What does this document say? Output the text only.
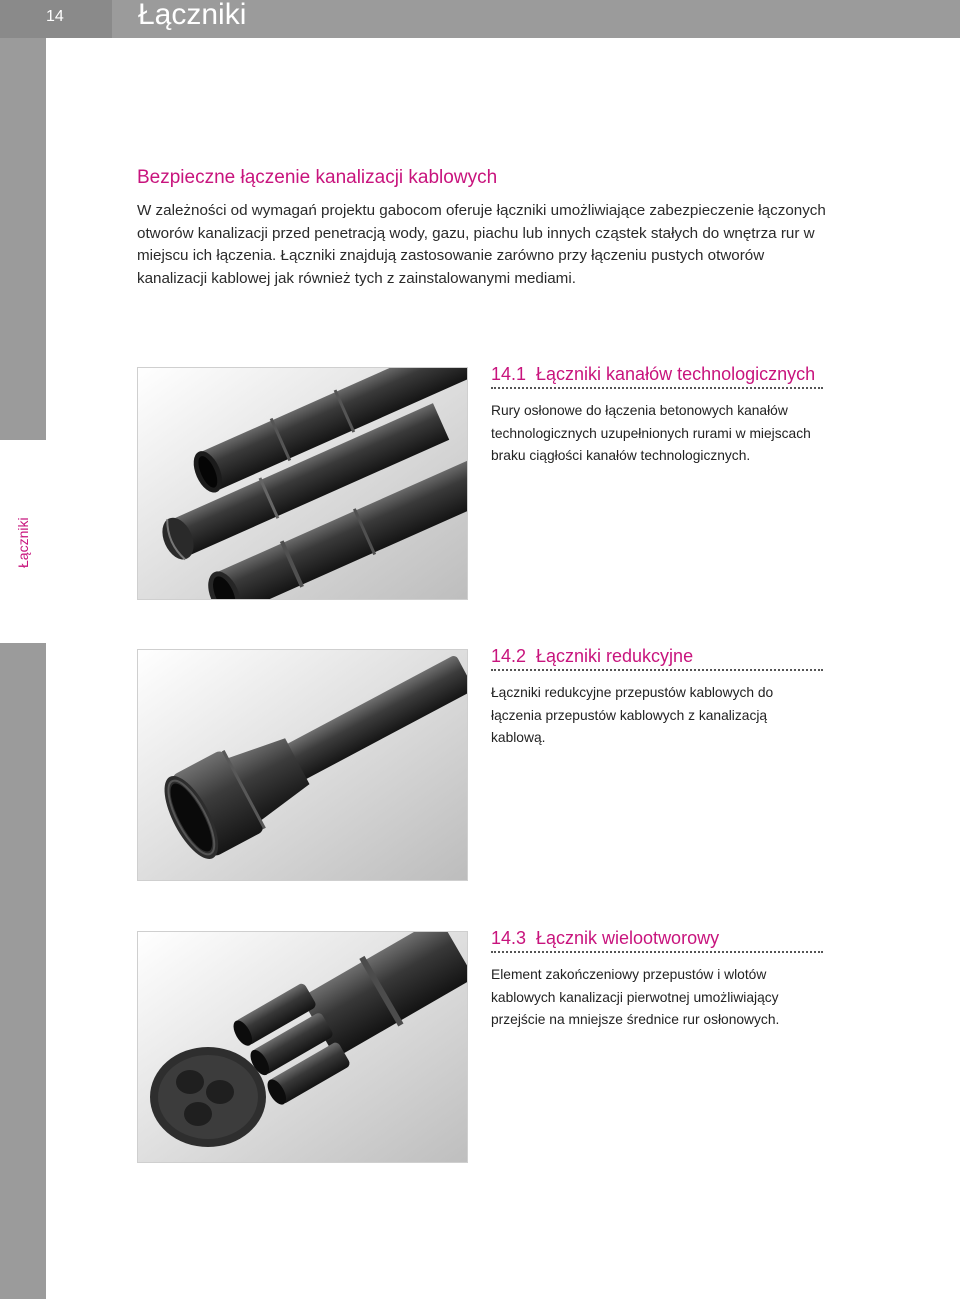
14 Łączniki
Łączniki
Bezpieczne łączenie kanalizacji kablowych
W zależności od wymagań projektu gabocom oferuje łączniki umożliwiające zabezpieczenie łączonych otworów kanalizacji przed penetracją wody, gazu, piachu lub innych cząstek stałych do wnętrza rur w miejscu ich łączenia. Łączniki znajdują zastosowanie zarówno przy łączeniu pustych otworów kanalizacji kablowej jak również tych z zainstalowanymi mediami.
14.1 Łączniki kanałów technologicznych
Rury osłonowe do łączenia betonowych kanałów technologicznych uzupełnionych rurami w miejscach braku ciągłości kanałów technologicznych.
14.2 Łączniki redukcyjne
Łączniki redukcyjne przepustów kablowych do łączenia przepustów kablowych z kanalizacją kablową.
14.3 Łącznik wielootworowy
Element zakończeniowy przepustów i wlotów kablowych kanalizacji pierwotnej umożliwiający przejście na mniejsze średnice rur osłonowych.
